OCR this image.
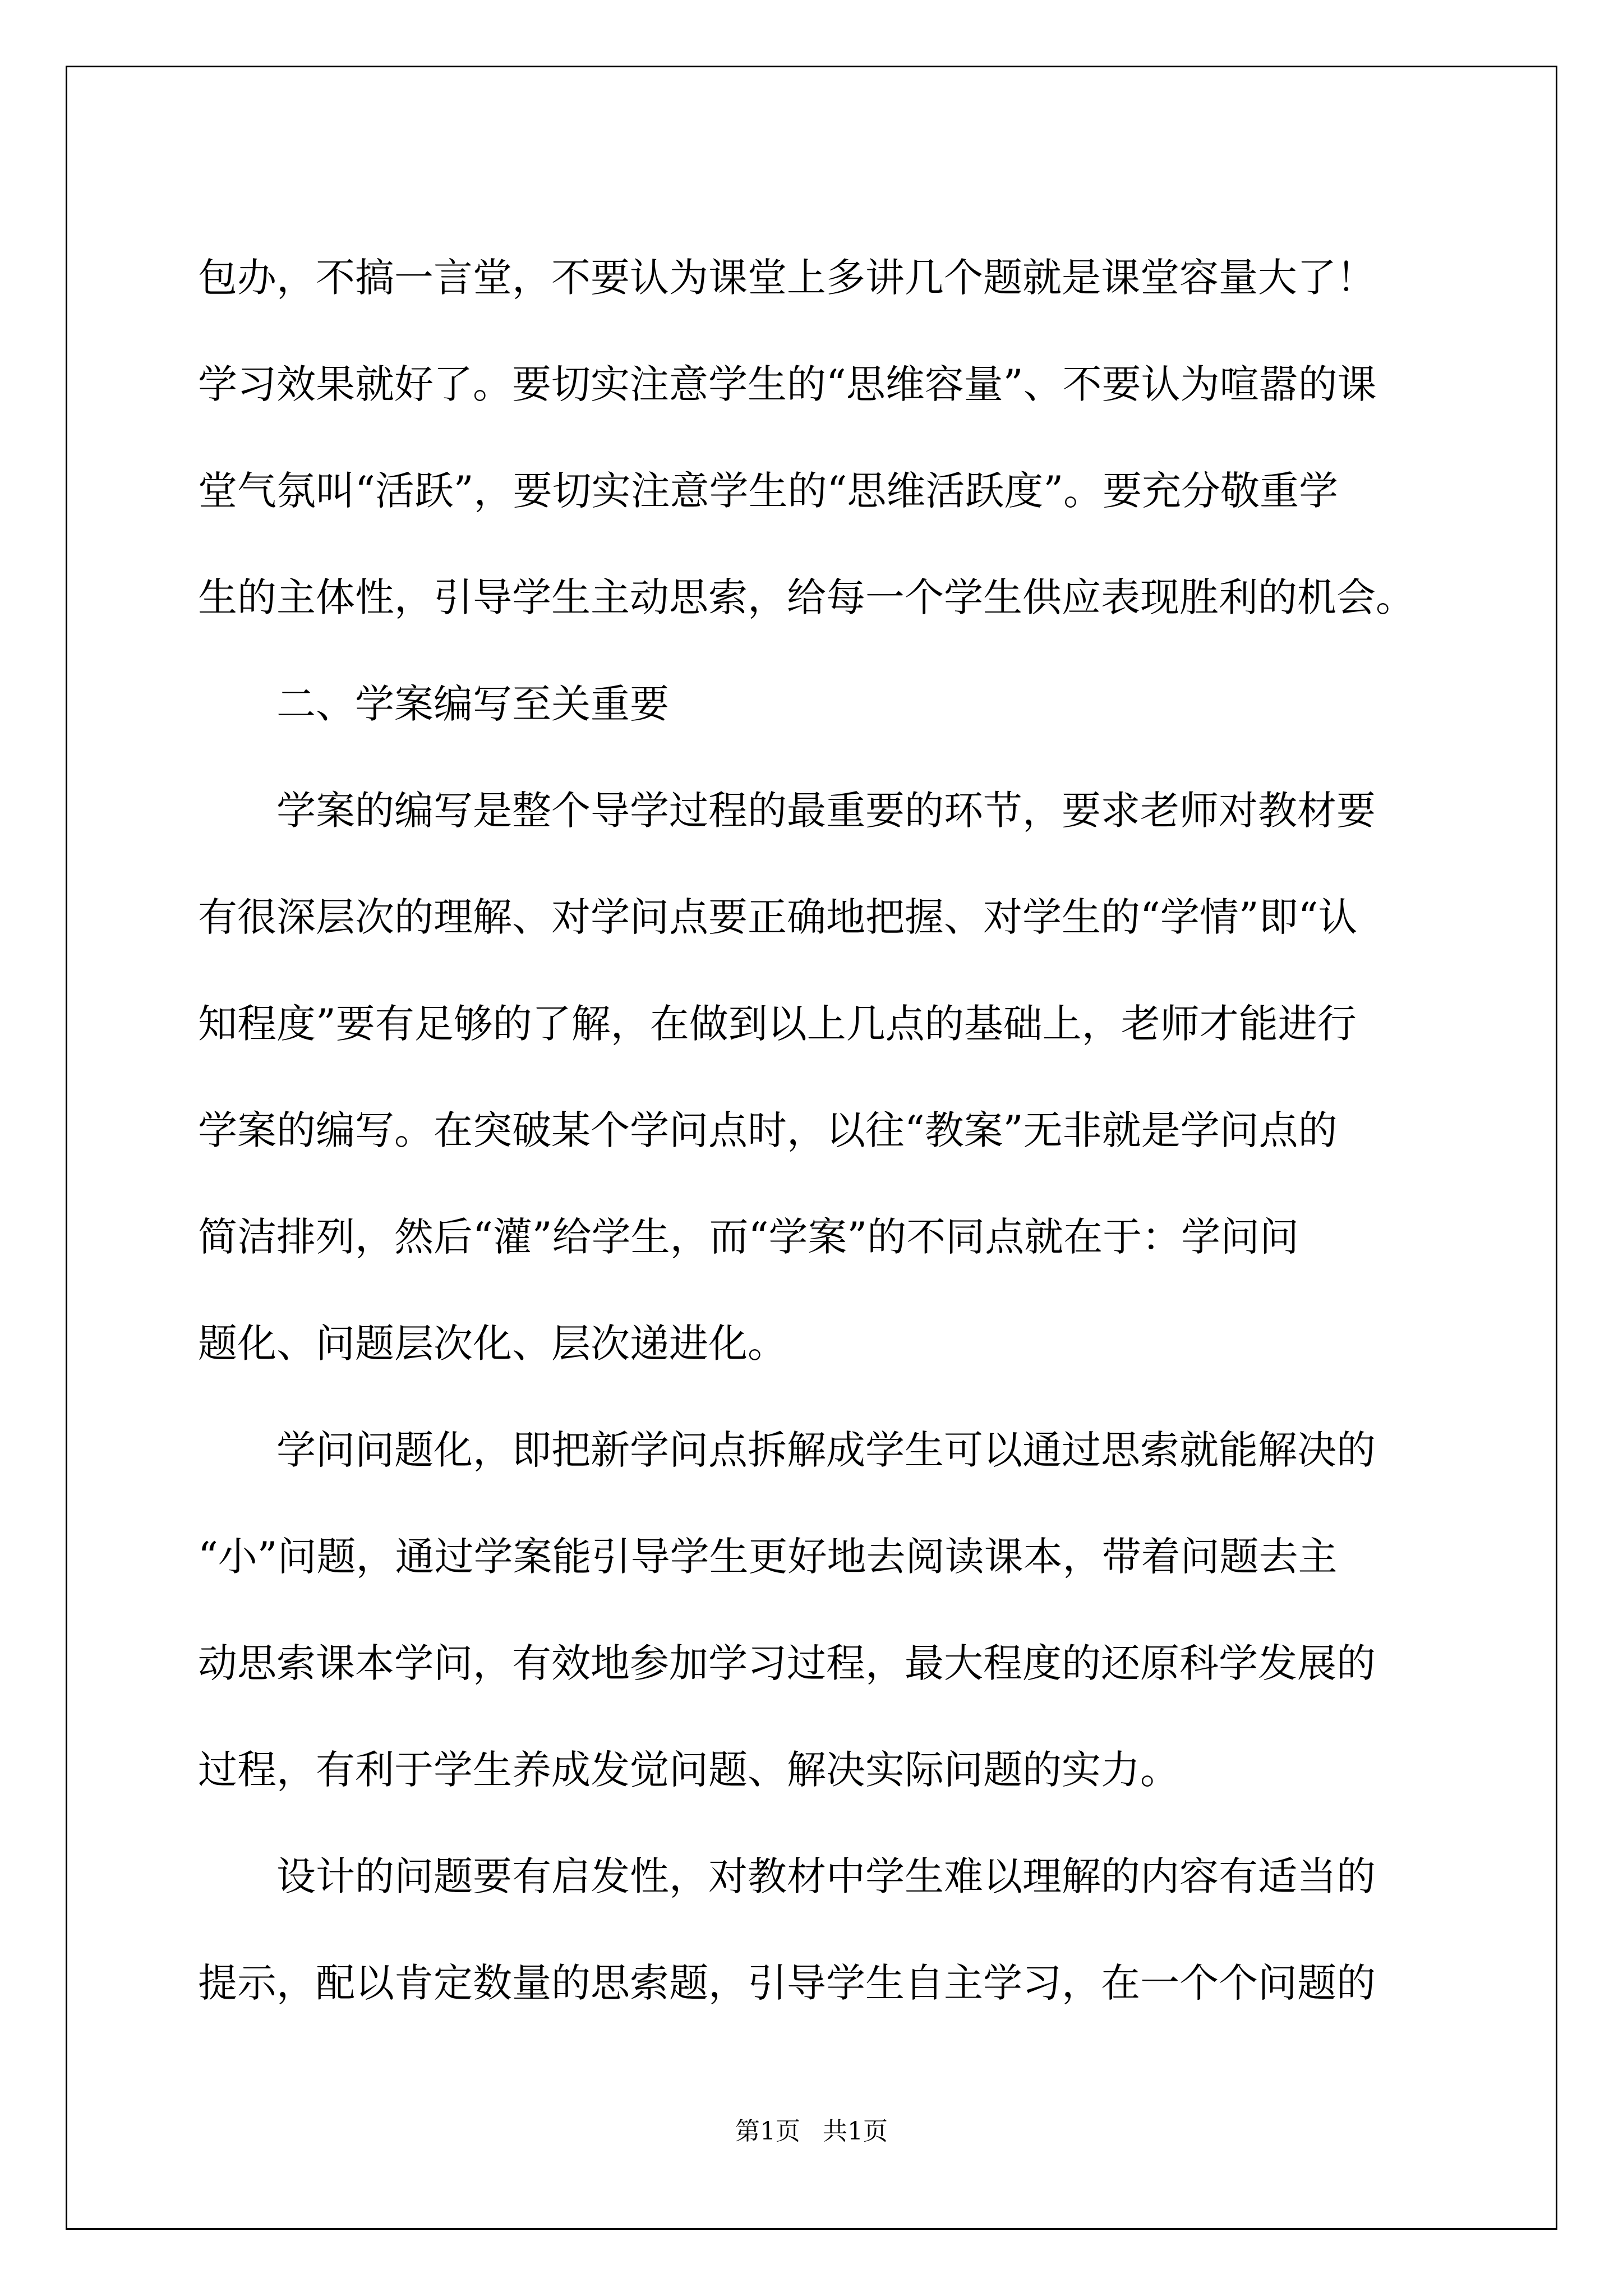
包办，不搞一言堂，不要认为课堂上多讲几个题就是课堂容量大了！
学习效果就好了。要切实注意学生的“思维容量”、不要认为喧嚣的课
堂气氛叫“活跃”，要切实注意学生的“思维活跃度”。要充分敬重学
生的主体性，引导学生主动思索，给每一个学生供应表现胜利的机会。
二、学案编写至关重要
学案的编写是整个导学过程的最重要的环节，要求老师对教材要
有很深层次的理解、对学问点要正确地把握、对学生的“学情”即“认
知程度”要有足够的了解，在做到以上几点的基础上，老师才能进行
学案的编写。在突破某个学问点时，以往“教案”无非就是学问点的
简洁排列，然后“灌”给学生，而“学案”的不同点就在于：学问问
题化、问题层次化、层次递进化。
学问问题化，即把新学问点拆解成学生可以通过思索就能解决的
“小”问题，通过学案能引导学生更好地去阅读课本，带着问题去主
动思索课本学问，有效地参加学习过程，最大程度的还原科学发展的
过程，有利于学生养成发觉问题、解决实际问题的实力。
设计的问题要有启发性，对教材中学生难以理解的内容有适当的
提示，配以肯定数量的思索题，引导学生自主学习，在一个个问题的
第1页 共1页
